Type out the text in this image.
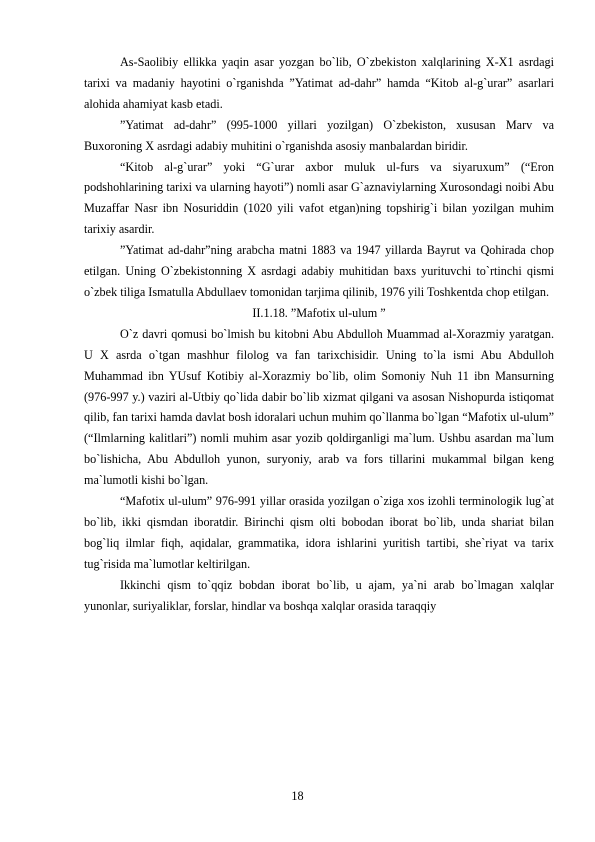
As-Saolibiy ellikka yaqin asar yozgan bo`lib, O`zbekiston xalqlarining X-X1 asrdagi tarixi va madaniy hayotini o`rganishda ”Yatimat ad-dahr” hamda “Kitob al-g`urar” asarlari alohida ahamiyat kasb etadi.

”Yatimat ad-dahr” (995-1000 yillari yozilgan) O`zbekiston, xususan Marv va Buxoroning X asrdagi adabiy muhitini o`rganishda asosiy manbalardan biridir.

“Kitob al-g`urar” yoki “G`urar axbor muluk ul-furs va siyaruxum” (“Eron podshohlarining tarixi va ularning hayoti”) nomli asar G`aznaviylarning Xurosondagi noibi Abu Muzaffar Nasr ibn Nosuriddin (1020 yili vafot etgan)ning topshirig`i bilan yozilgan muhim tarixiy asardir.

”Yatimat ad-dahr”ning arabcha matni 1883 va 1947 yillarda Bayrut va Qohirada chop etilgan. Uning O`zbekistonning X asrdagi adabiy muhitidan baxs yurituvchi to`rtinchi qismi o`zbek tiliga Ismatulla Abdullaev tomonidan tarjima qilinib, 1976 yili Toshkentda chop etilgan.

II.1.18. ”Mafotix ul-ulum ”

O`z davri qomusi bo`lmish bu kitobni Abu Abdulloh Muammad al-Xorazmiy yaratgan. U X asrda o`tgan mashhur filolog va fan tarixchisidir. Uning to`la ismi Abu Abdulloh Muhammad ibn YUsuf Kotibiy al-Xorazmiy bo`lib, olim Somoniy Nuh 11 ibn Mansurning (976-997 y.) vaziri al-Utbiy qo`lida dabir bo`lib xizmat qilgani va asosan Nishopurda istiqomat qilib, fan tarixi hamda davlat bosh idoralari uchun muhim qo`llanma bo`lgan “Mafotix ul-ulum” (“Ilmlarning kalitlari”) nomli muhim asar yozib qoldirganligi ma`lum. Ushbu asardan ma`lum bo`lishicha, Abu Abdulloh yunon, suryoniy, arab va fors tillarini mukammal bilgan keng ma`lumotli kishi bo`lgan.

“Mafotix ul-ulum” 976-991 yillar orasida yozilgan o`ziga xos izohli terminologik lug`at bo`lib, ikki qismdan iboratdir. Birinchi qism olti bobodan iborat bo`lib, unda shariat bilan bog`liq ilmlar fiqh, aqidalar, grammatika, idora ishlarini yuritish tartibi, she`riyat va tarix tug`risida ma`lumotlar keltirilgan.

Ikkinchi qism to`qqiz bobdan iborat bo`lib, u ajam, ya`ni arab bo`lmagan xalqlar yunonlar, suriyaliklar, forslar, hindlar va boshqa xalqlar orasida taraqqiy

18
